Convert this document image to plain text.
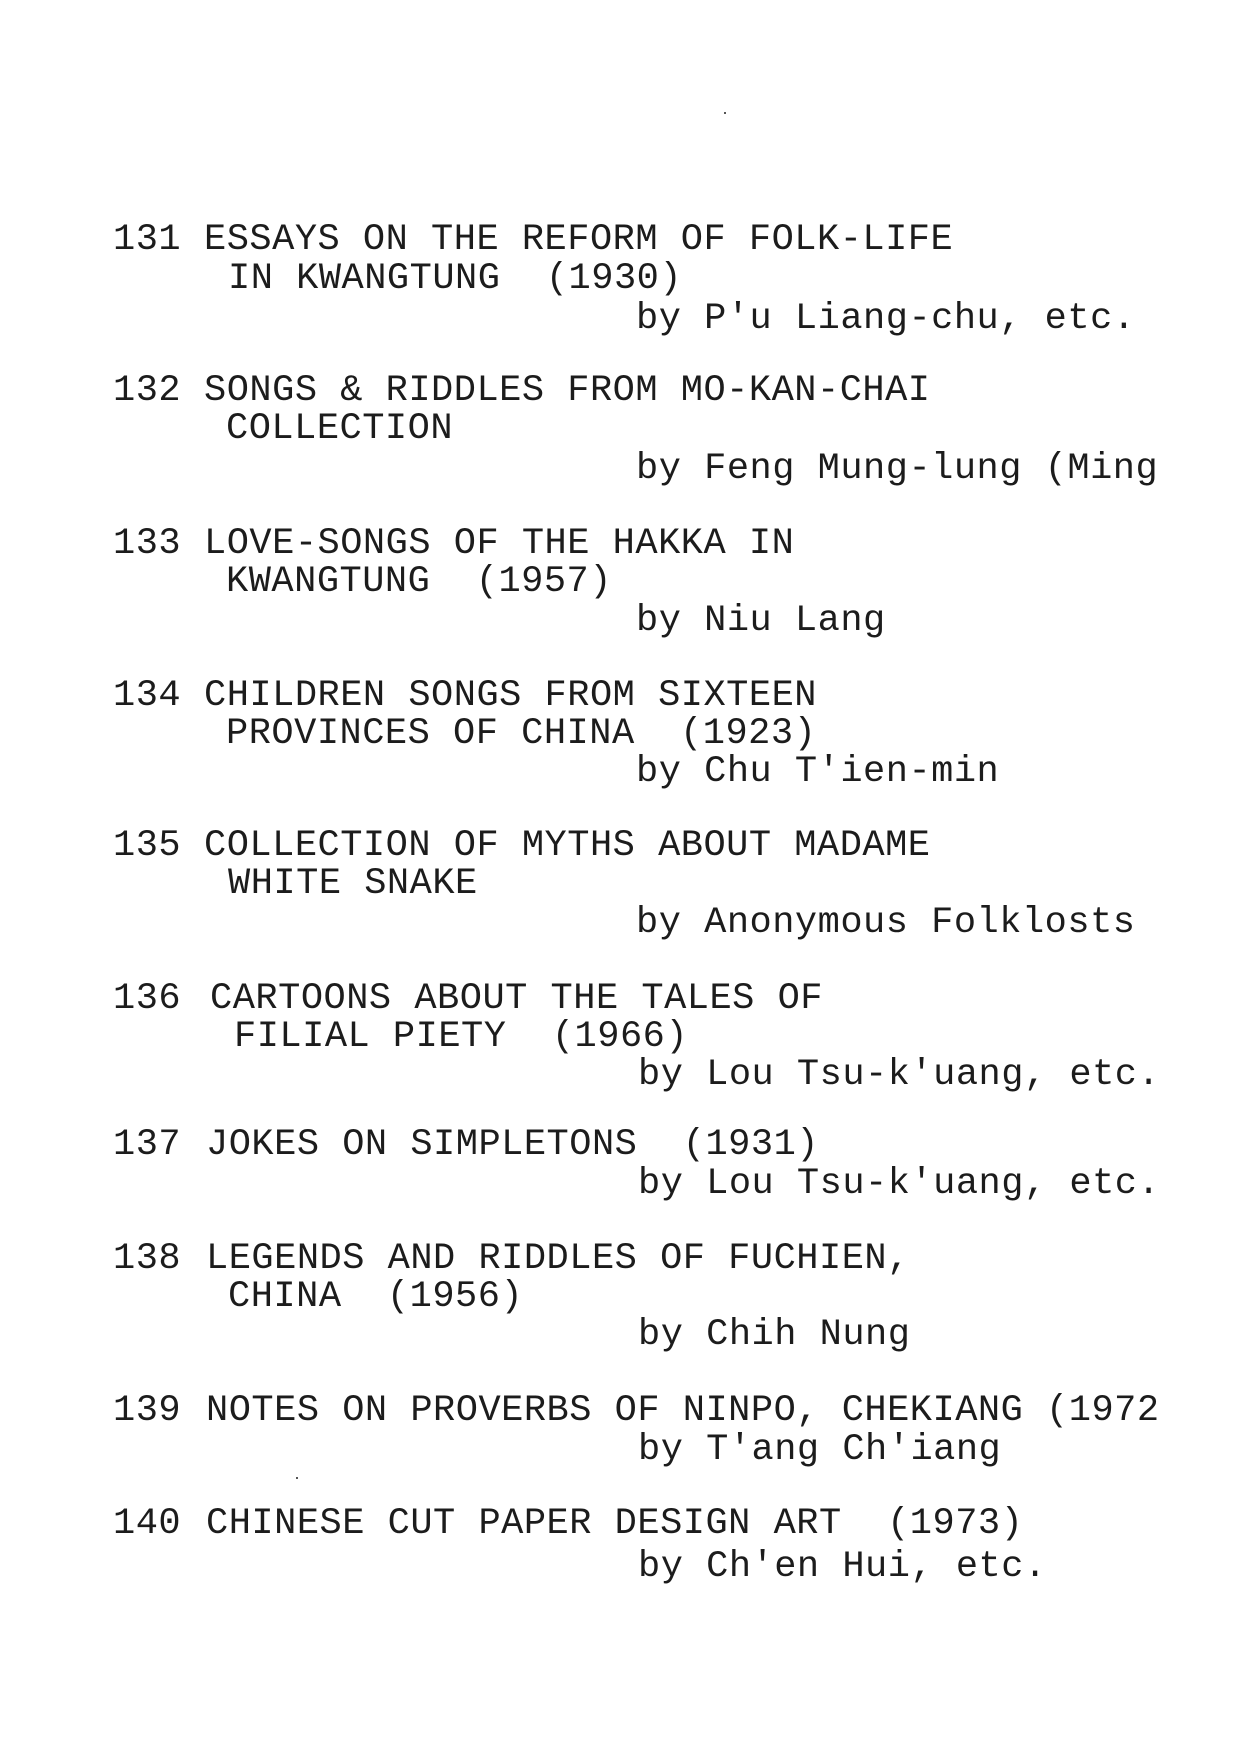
131 ESSAYS ON THE REFORM OF FOLK-LIFE
IN KWANGTUNG  (1930)
by P'u Liang-chu, etc.
132 SONGS & RIDDLES FROM MO-KAN-CHAI
COLLECTION
by Feng Mung-lung (Ming
133 LOVE-SONGS OF THE HAKKA IN
KWANGTUNG  (1957)
by Niu Lang
134 CHILDREN SONGS FROM SIXTEEN
PROVINCES OF CHINA  (1923)
by Chu T'ien-min
135 COLLECTION OF MYTHS ABOUT MADAME
WHITE SNAKE
by Anonymous Folklosts
136 CARTOONS ABOUT THE TALES OF
FILIAL PIETY  (1966)
by Lou Tsu-k'uang, etc.
137 JOKES ON SIMPLETONS  (1931)
by Lou Tsu-k'uang, etc.
138 LEGENDS AND RIDDLES OF FUCHIEN,
CHINA  (1956)
by Chih Nung
139 NOTES ON PROVERBS OF NINPO, CHEKIANG (1972
by T'ang Ch'iang
140 CHINESE CUT PAPER DESIGN ART  (1973)
by Ch'en Hui, etc.
